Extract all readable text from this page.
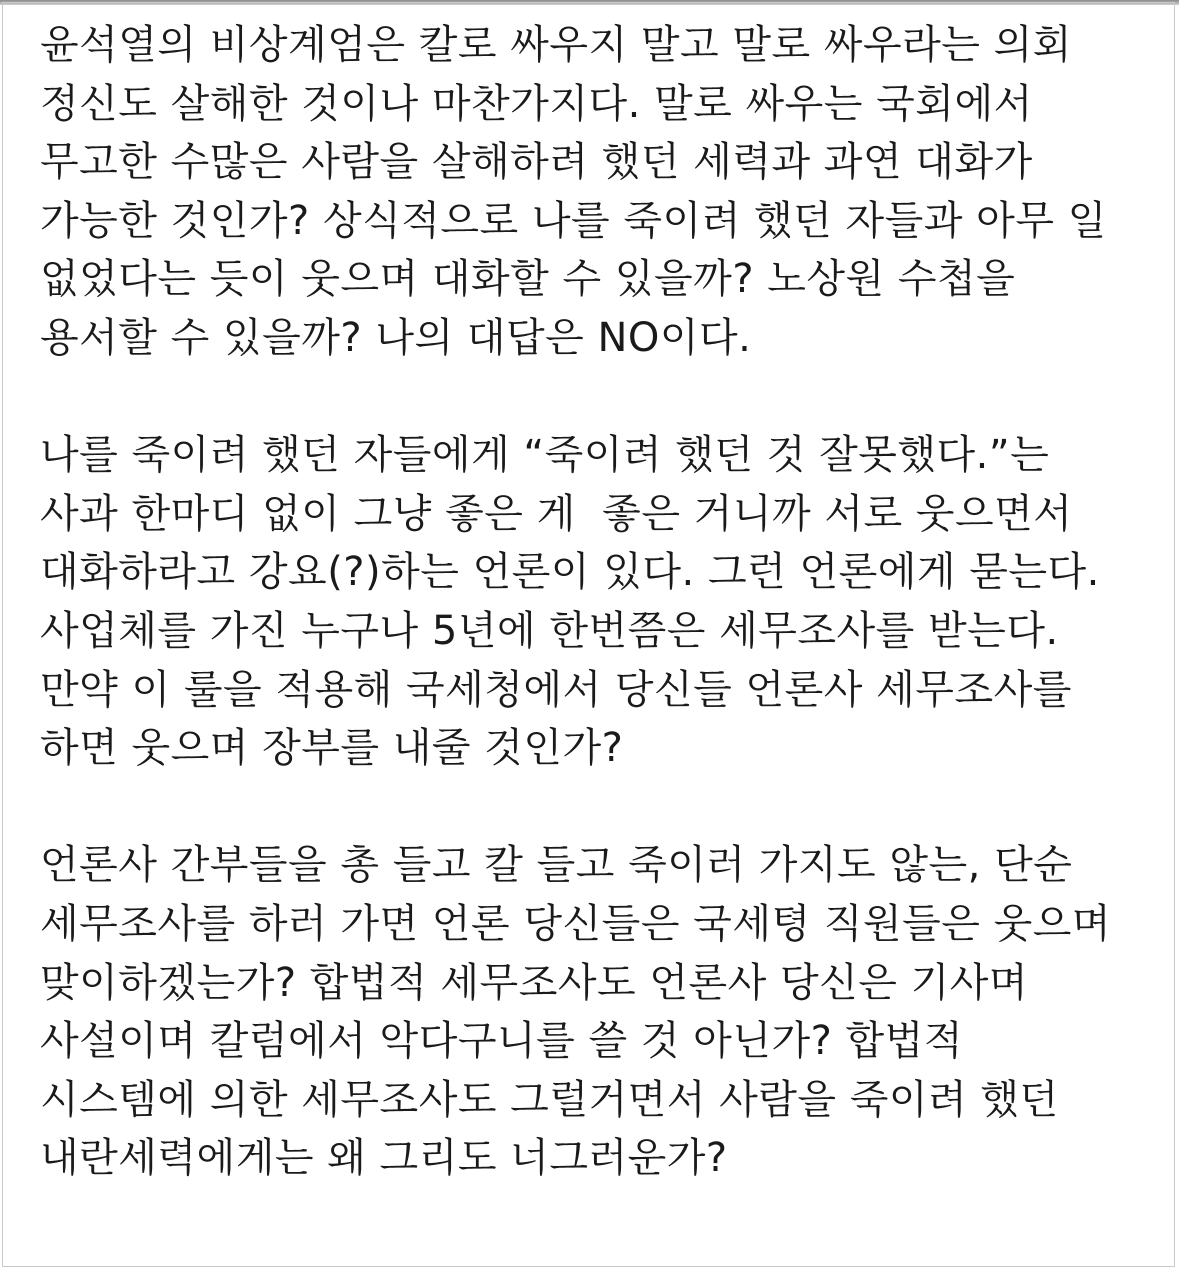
윤석열의 비상계엄은 칼로 싸우지 말고 말로 싸우라는 의회
정신도 살해한 것이나 마찬가지다. 말로 싸우는 국회에서
무고한 수많은 사람을 살해하려 했던 세력과 과연 대화가
가능한 것인가? 상식적으로 나를 죽이려 했던 자들과 아무 일
없었다는 듯이 웃으며 대화할 수 있을까? 노상원 수첩을
용서할 수 있을까? 나의 대답은 NO이다.
나를 죽이려 했던 자들에게 “죽이려 했던 것 잘못했다.”는
사과 한마디 없이 그냥 좋은 게  좋은 거니까 서로 웃으면서
대화하라고 강요(?)하는 언론이 있다. 그런 언론에게 묻는다.
사업체를 가진 누구나 5년에 한번쯤은 세무조사를 받는다.
만약 이 룰을 적용해 국세청에서 당신들 언론사 세무조사를
하면 웃으며 장부를 내줄 것인가?
언론사 간부들을 총 들고 칼 들고 죽이러 가지도 않는, 단순
세무조사를 하러 가면 언론 당신들은 국세텽 직원들은 웃으며
맞이하겠는가? 합법적 세무조사도 언론사 당신은 기사며
사설이며 칼럼에서 악다구니를 쓸 것 아닌가? 합법적
시스템에 의한 세무조사도 그럴거면서 사람을 죽이려 했던
내란세력에게는 왜 그리도 너그러운가?
